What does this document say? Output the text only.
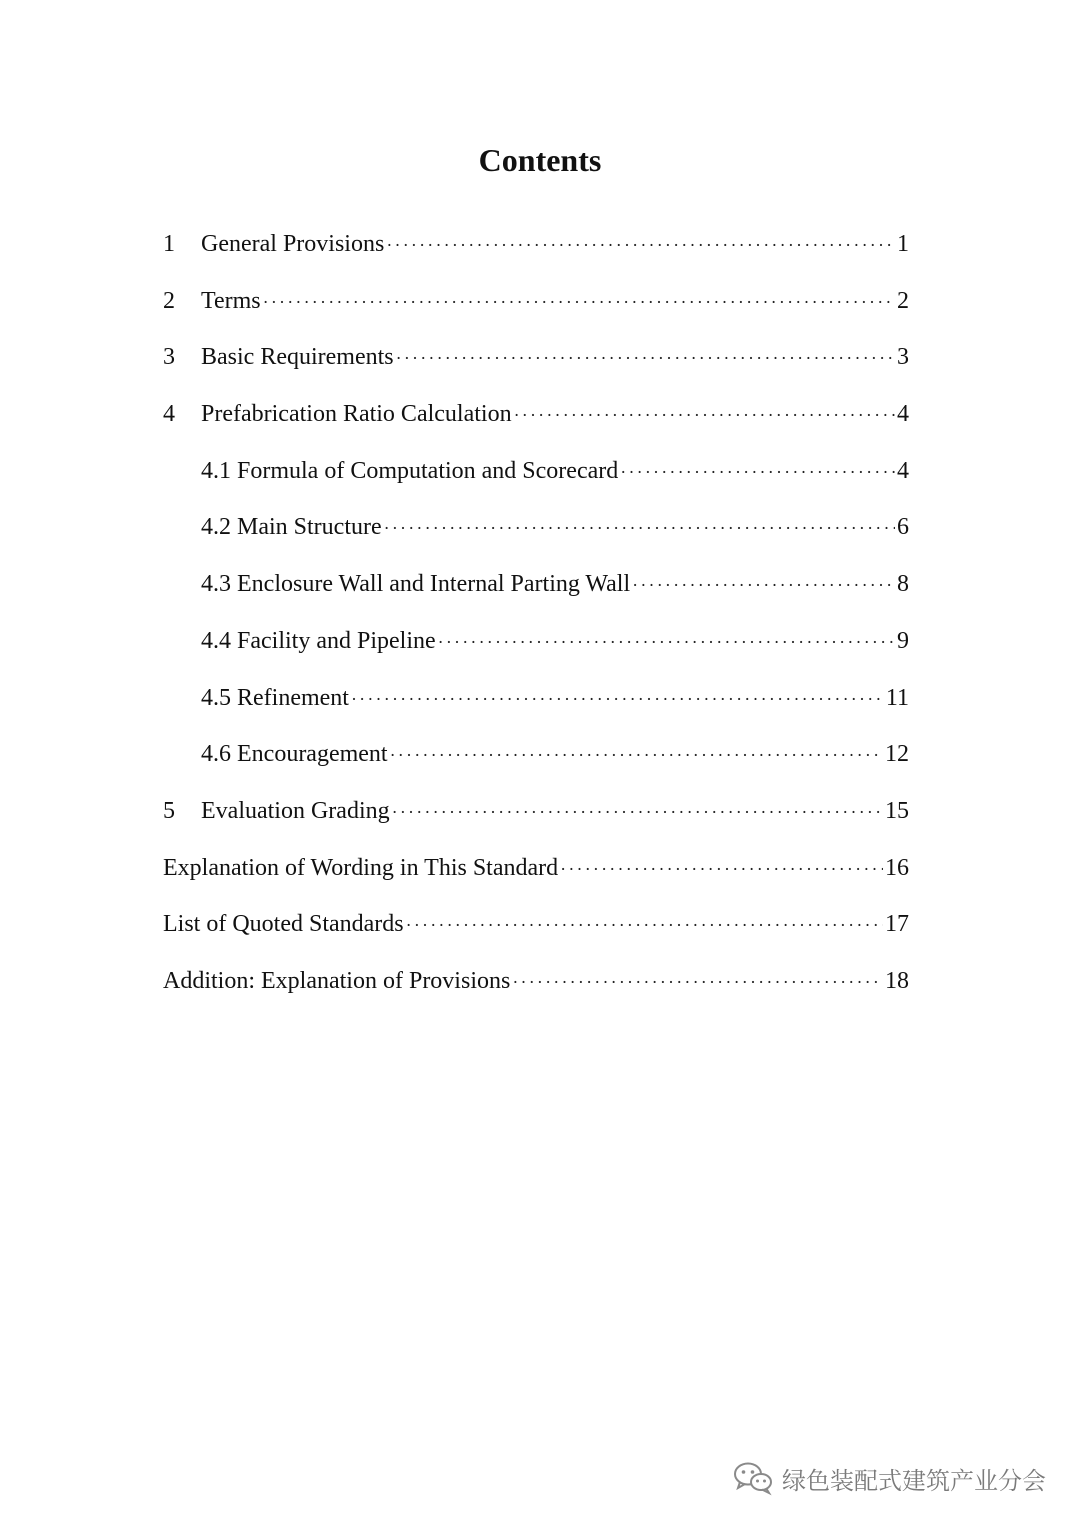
Contents
1	General Provisions ·····	1
2	Terms ·····	2
3	Basic Requirements ·····	3
4	Prefabrication Ratio Calculation ·····	4
4.1 Formula of Computation and Scorecard ·····	4
4.2 Main Structure ·····	6
4.3 Enclosure Wall and Internal Parting Wall ·····	8
4.4 Facility and Pipeline ·····	9
4.5 Refinement ·····	11
4.6 Encouragement ·····	12
5	Evaluation Grading ·····	15
Explanation of Wording in This Standard ·····	16
List of Quoted Standards ·····	17
Addition: Explanation of Provisions ·····	18
绿色装配式建筑产业分会
